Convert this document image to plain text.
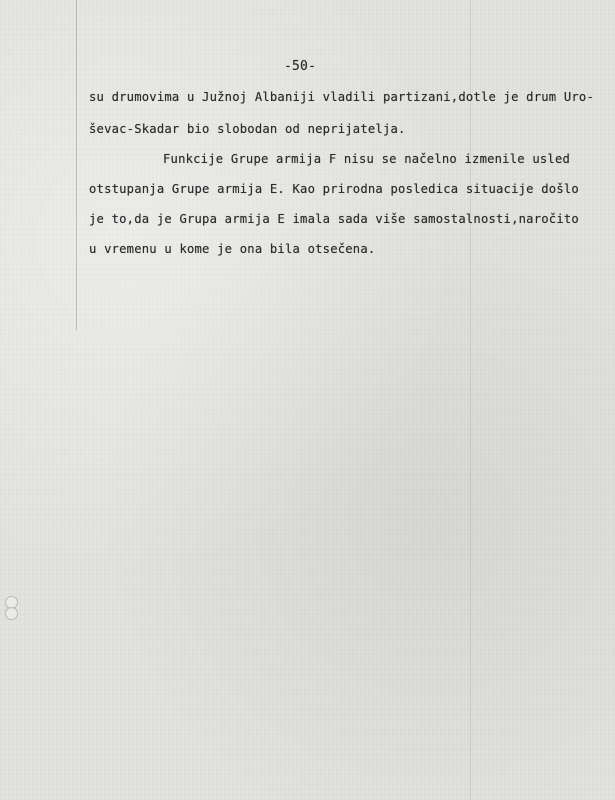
-50-
su drumovima u Južnoj Albaniji vladili partizani,dotle je drum Uro-
ševac-Skadar bio slobodan od neprijatelja.
Funkcije Grupe armija F nisu se načelno izmenile usled
otstupanja Grupe armija E. Kao prirodna posledica situacije došlo
je to,da je Grupa armija E imala sada više samostalnosti,naročito
u vremenu u kome je ona bila otsečena.
